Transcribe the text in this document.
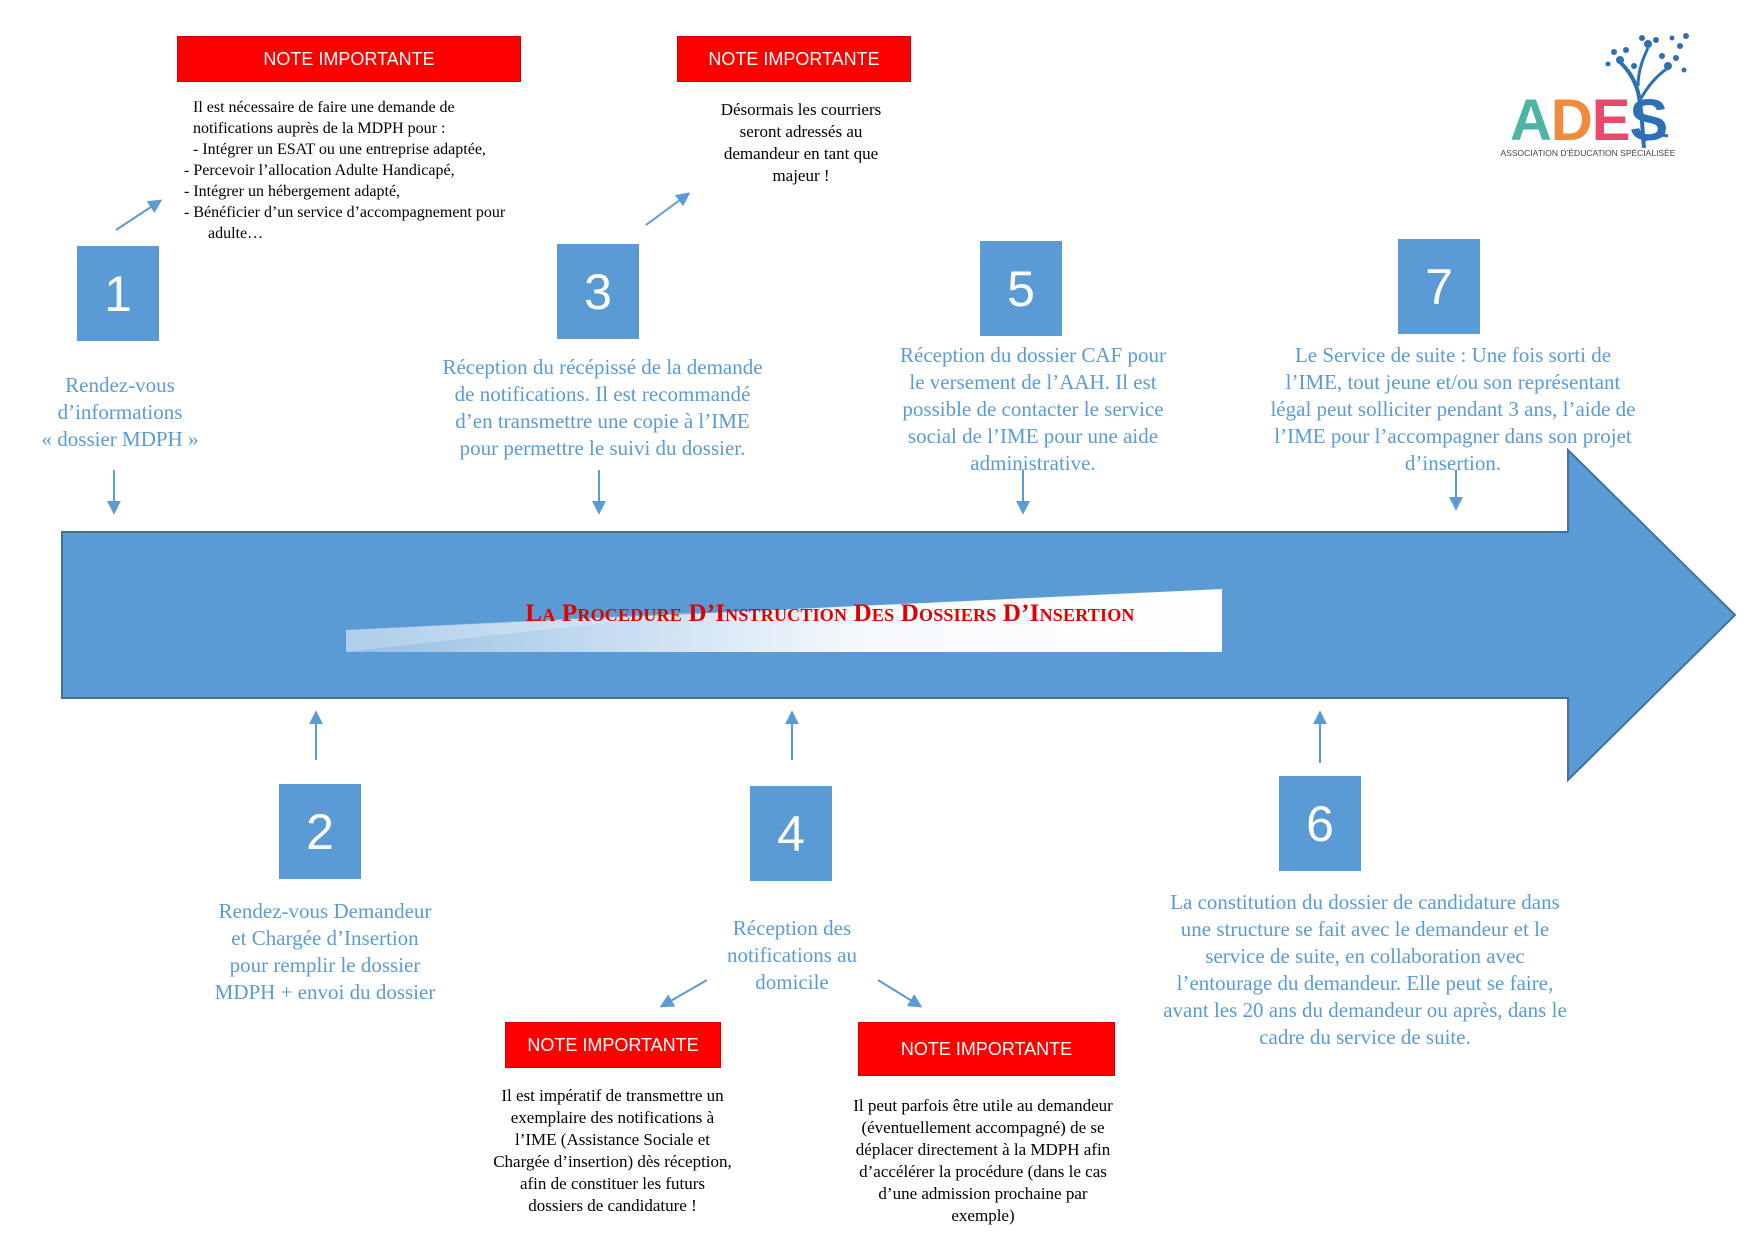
La Procedure D’Instruction Des Dossiers D’Insertion
1
2
3
4
5
6
7
Rendez-vous
d’informations
« dossier MDPH »
Rendez-vous Demandeur
et Chargée d’Insertion
pour remplir le dossier
MDPH + envoi du dossier
Réception du récépissé de la demande
de notifications. Il est recommandé
d’en transmettre une copie à l’IME
pour permettre le suivi du dossier.
Réception des
notifications au
domicile
Réception du dossier CAF pour
le versement de l’AAH. Il est
possible de contacter le service
social de l’IME pour une aide
administrative.
La constitution du dossier de candidature dans
une structure se fait avec le demandeur et le
service de suite, en collaboration avec
l’entourage du demandeur. Elle peut se faire,
avant les 20 ans du demandeur ou après, dans le
cadre du service de suite.
Le Service de suite : Une fois sorti de
l’IME, tout jeune et/ou son représentant
légal peut solliciter pendant 3 ans, l’aide de
l’IME pour l’accompagner dans son projet
d’insertion.
NOTE IMPORTANTE
Il est nécessaire de faire une demande de
notifications auprès de la MDPH pour :
- Intégrer un ESAT ou une entreprise adaptée,
- Percevoir l’allocation Adulte Handicapé,
- Intégrer un hébergement adapté,
- Bénéficier d’un service d’accompagnement pour adulte…
NOTE IMPORTANTE
Désormais les courriers
seront adressés au
demandeur en tant que
majeur !
NOTE IMPORTANTE
Il est impératif de transmettre un
exemplaire des notifications à
l’IME (Assistance Sociale et
Chargée d’insertion) dès réception,
afin de constituer les futurs
dossiers de candidature !
NOTE IMPORTANTE
Il peut parfois être utile au demandeur
(éventuellement accompagné) de se
déplacer directement à la MDPH afin
d’accélérer la procédure (dans le cas
d’une admission prochaine par
exemple)
ADES
ASSOCIATION D’ÉDUCATION SPÉCIALISÉE
